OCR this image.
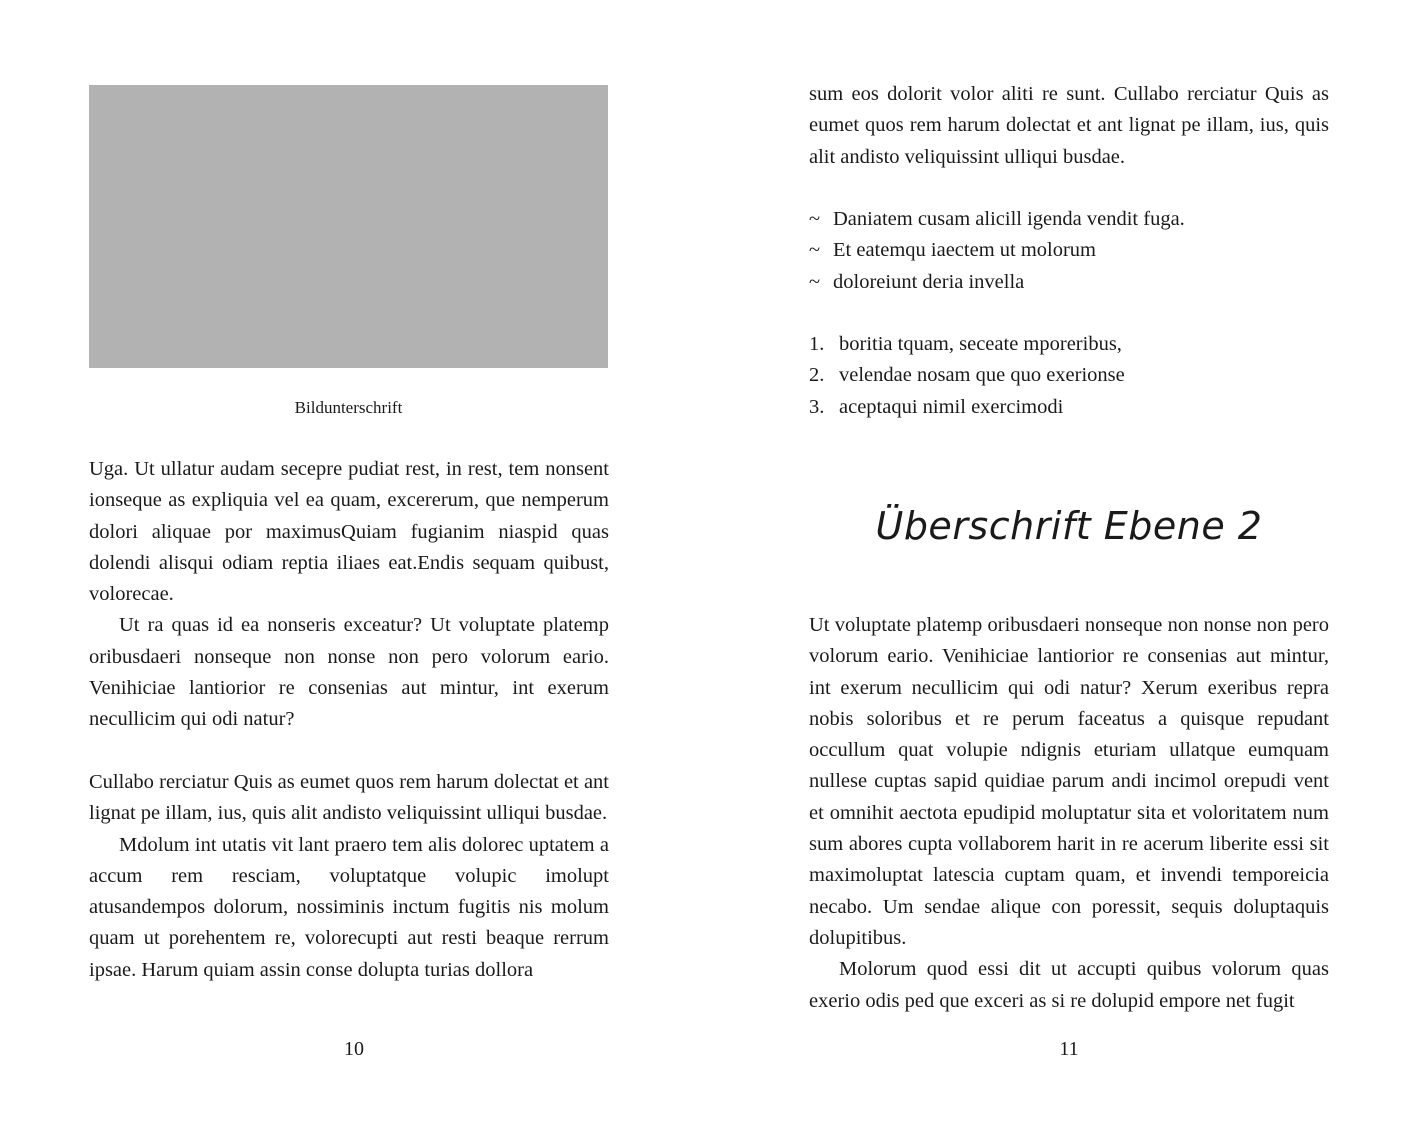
Bildunterschrift

Uga. Ut ullatur audam secepre pudiat rest, in rest, tem nonsent ionseque as expliquia vel ea quam, excererum, que nemperum dolori aliquae por maximusQuiam fugianim niaspid quas dolendi alisqui odiam reptia iliaes eat.Endis sequam quibust, volorecae.

Ut ra quas id ea nonseris exceatur? Ut voluptate platemp oribusdaeri nonseque non nonse non pero volorum eario. Venihiciae lantiorior re consenias aut mintur, int exerum necullicim qui odi natur?

Cullabo rerciatur Quis as eumet quos rem harum dolectat et ant lignat pe illam, ius, quis alit andisto veliquissint ulliqui busdae.

Mdolum int utatis vit lant praero tem alis dolorec uptatem a accum rem resciam, voluptatque volupic imolupt atusandempos dolorum, nossiminis inctum fugitis nis molum quam ut porehentem re, volorecupti aut resti beaque rerrum ipsae. Harum quiam assin conse dolupta turias dollora

10

sum eos dolorit volor aliti re sunt. Cullabo rerciatur Quis as eumet quos rem harum dolectat et ant lignat pe illam, ius, quis alit andisto veliquissint ulliqui busdae.

~ Daniatem cusam alicill igenda vendit fuga.
~ Et eatemqu iaectem ut molorum
~ doloreiunt deria invella
1. boritia tquam, seceate mporeribus,
2. velendae nosam que quo exerionse
3. aceptaqui nimil exercimodi
Überschrift Ebene 2

Ut voluptate platemp oribusdaeri nonseque non nonse non pero volorum eario. Venihiciae lantiorior re consenias aut mintur, int exerum necullicim qui odi natur? Xerum exeribus repra nobis soloribus et re perum faceatus a quisque repudant occullum quat volupie ndignis eturiam ullatque eumquam nullese cuptas sapid quidiae parum andi incimol orepudi vent et omnihit aectota epudipid moluptatur sita et voloritatem num sum abores cupta vollaborem harit in re acerum liberite essi sit maximoluptat latescia cuptam quam, et invendi temporeicia necabo. Um sendae alique con poressit, sequis doluptaquis dolupitibus.

Molorum quod essi dit ut accupti quibus volorum quas exerio odis ped que exceri as si re dolupid empore net fugit

11
